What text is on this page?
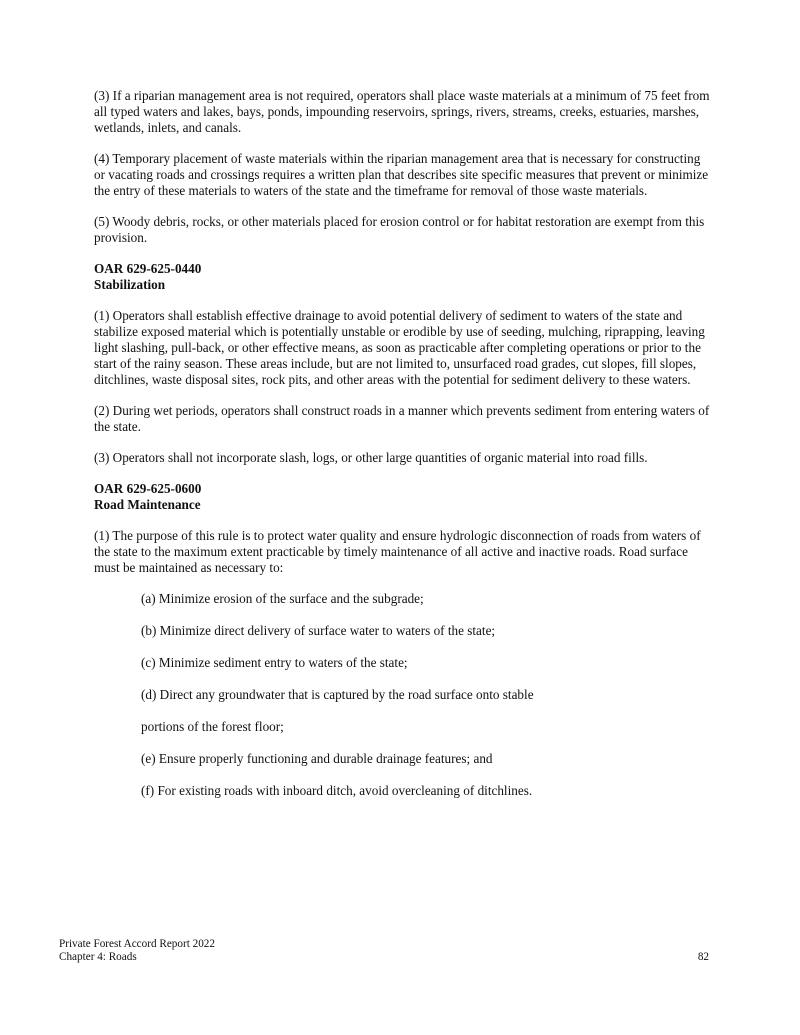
(3) If a riparian management area is not required, operators shall place waste materials at a minimum of 75 feet from all typed waters and lakes, bays, ponds, impounding reservoirs, springs, rivers, streams, creeks, estuaries, marshes, wetlands, inlets, and canals.

(4) Temporary placement of waste materials within the riparian management area that is necessary for constructing or vacating roads and crossings requires a written plan that describes site specific measures that prevent or minimize the entry of these materials to waters of the state and the timeframe for removal of those waste materials.

(5) Woody debris, rocks, or other materials placed for erosion control or for habitat restoration are exempt from this provision.

OAR 629-625-0440
Stabilization

(1) Operators shall establish effective drainage to avoid potential delivery of sediment to waters of the state and stabilize exposed material which is potentially unstable or erodible by use of seeding, mulching, riprapping, leaving light slashing, pull-back, or other effective means, as soon as practicable after completing operations or prior to the start of the rainy season. These areas include, but are not limited to, unsurfaced road grades, cut slopes, fill slopes, ditchlines, waste disposal sites, rock pits, and other areas with the potential for sediment delivery to these waters.

(2) During wet periods, operators shall construct roads in a manner which prevents sediment from entering waters of the state.

(3) Operators shall not incorporate slash, logs, or other large quantities of organic material into road fills.

OAR 629-625-0600
Road Maintenance

(1) The purpose of this rule is to protect water quality and ensure hydrologic disconnection of roads from waters of the state to the maximum extent practicable by timely maintenance of all active and inactive roads. Road surface must be maintained as necessary to:

(a) Minimize erosion of the surface and the subgrade;

(b) Minimize direct delivery of surface water to waters of the state;

(c) Minimize sediment entry to waters of the state;

(d) Direct any groundwater that is captured by the road surface onto stable

portions of the forest floor;

(e) Ensure properly functioning and durable drainage features; and

(f) For existing roads with inboard ditch, avoid overcleaning of ditchlines.

Private Forest Accord Report 2022
Chapter 4: Roads	82
